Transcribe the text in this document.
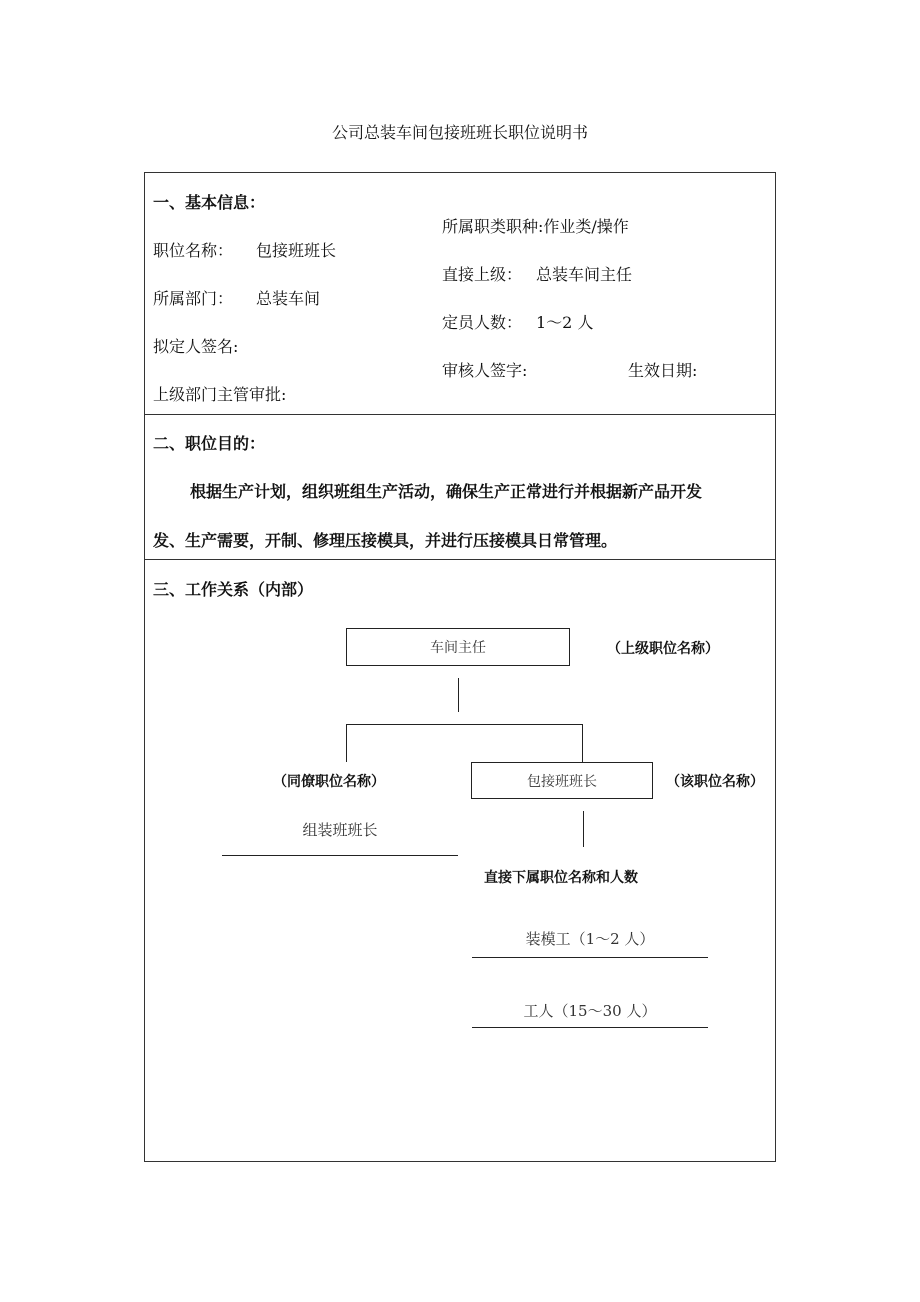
公司总装车间包接班班长职位说明书
一、基本信息：
所属职类职种:作业类/操作
职位名称： 包接班班长
直接上级： 总装车间主任
所属部门： 总装车间
定员人数： 1～2 人
拟定人签名:
审核人签字:	生效日期:
上级部门主管审批:
二、职位目的：
根据生产计划，组织班组生产活动，确保生产正常进行并根据新产品开发
发、生产需要，开制、修理压接模具，并进行压接模具日常管理。
三、工作关系（内部）
车间主任	（上级职位名称）
（同僚职位名称）	包接班班长	（该职位名称）
组装班班长
直接下属职位名称和人数
装模工（1～2 人）
工人（15～30 人）
